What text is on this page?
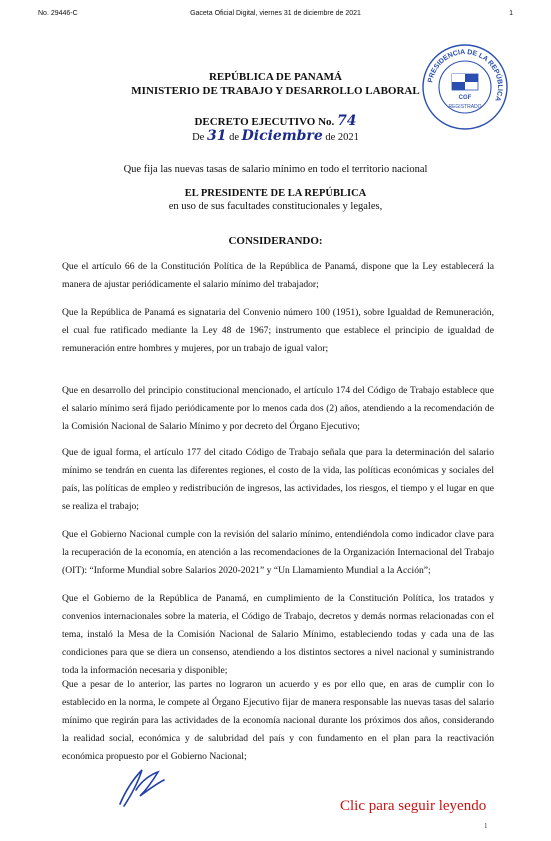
No. 29446-C	Gaceta Oficial Digital, viernes 31 de diciembre de 2021	1
PRESIDENCIA DE LA REPÚBLICA
CGF
REGISTRADO
REPÚBLICA DE PANAMÁ
MINISTERIO DE TRABAJO Y DESARROLLO LABORAL
DECRETO EJECUTIVO No. 74
De 31 de Diciembre de 2021
Que fija las nuevas tasas de salario mínimo en todo el territorio nacional
EL PRESIDENTE DE LA REPÚBLICA
en uso de sus facultades constitucionales y legales,
CONSIDERANDO:

Que el artículo 66 de la Constitución Política de la República de Panamá, dispone que la Ley establecerá la manera de ajustar periódicamente el salario mínimo del trabajador;

Que la República de Panamá es signataria del Convenio número 100 (1951), sobre Igualdad de Remuneración, el cual fue ratificado mediante la Ley 48 de 1967; instrumento que establece el principio de igualdad de remuneración entre hombres y mujeres, por un trabajo de igual valor;

Que en desarrollo del principio constitucional mencionado, el artículo 174 del Código de Trabajo establece que el salario mínimo será fijado periódicamente por lo menos cada dos (2) años, atendiendo a la recomendación de la Comisión Nacional de Salario Mínimo y por decreto del Órgano Ejecutivo;

Que de igual forma, el artículo 177 del citado Código de Trabajo señala que para la determinación del salario mínimo se tendrán en cuenta las diferentes regiones, el costo de la vida, las políticas económicas y sociales del país, las políticas de empleo y redistribución de ingresos, las actividades, los riesgos, el tiempo y el lugar en que se realiza el trabajo;

Que el Gobierno Nacional cumple con la revisión del salario mínimo, entendiéndola como indicador clave para la recuperación de la economía, en atención a las recomendaciones de la Organización Internacional del Trabajo (OIT): “Informe Mundial sobre Salarios 2020-2021” y “Un Llamamiento Mundial a la Acción”;

Que el Gobierno de la República de Panamá, en cumplimiento de la Constitución Política, los tratados y convenios internacionales sobre la materia, el Código de Trabajo, decretos y demás normas relacionadas con el tema, instaló la Mesa de la Comisión Nacional de Salario Mínimo, estableciendo todas y cada una de las condiciones para que se diera un consenso, atendiendo a los distintos sectores a nivel nacional y suministrando toda la información necesaria y disponible;

Que a pesar de lo anterior, las partes no lograron un acuerdo y es por ello que, en aras de cumplir con lo establecido en la norma, le compete al Órgano Ejecutivo fijar de manera responsable las nuevas tasas del salario mínimo que regirán para las actividades de la economía nacional durante los próximos dos años, considerando la realidad social, económica y de salubridad del país y con fundamento en el plan para la reactivación económica propuesto por el Gobierno Nacional;

Clic para seguir leyendo
1
